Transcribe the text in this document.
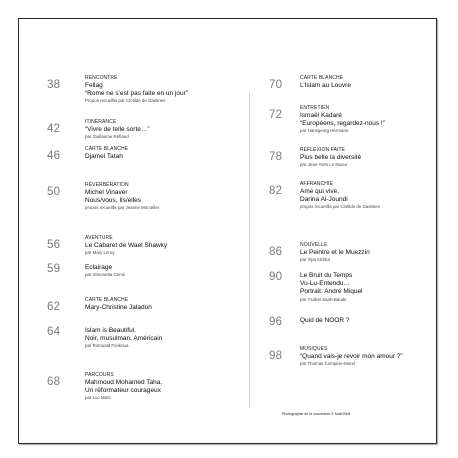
38
RENCONTRE
Fellag
“Rome ne s’est pas faite en un jour”
Propos recueillis par Clotilde de Gastines
42
ITINÉRANCE
“Vivre de telle sorte…”
par Guillaume Réfiaud
46
CARTE BLANCHE
Djamel Tatah
50
RÉVERBÉRATION
Michel Vinaver
Nous/vous, Ils/elles
propos recueillis par Jeanne Morcellet
56
AVENTURE
Le Cabaret de Wael Shawky
par Mary Leroy
59	Eclairage
par Simonetta Cenni
62
CARTE BLANCHE
Mary-Christine Jaladon
64	Islam is Beautiful.
Noir, musulman, Américain
par Romuald Fonkoua
68
PARCOURS
Mahmoud Mohamed Taha,
Un réformateur courageux
par Luc Mars
70
CARTE BLANCHE
L’Islam au Louvre
72
ENTRETIEN
Ismaël Kadaré
“Européens, regardez-nous !”
par Hansgeorg Hermann
78
RÉFLEXION FAITE
Plus belle la diversité
par Jean-Yves Le Naour
82
AFFRANCHIE
Ame qui vive,
Darina Al-Joundi
propos recueillis par Clotilde de Gastines
86
NOUVELLE
Le Peintre et le Muezzin
par Yijat Alchka
90	Le Bruit du Temps
Vu-Lu-Entendu…
Portrait: André Miquel
par Ysabel Saah-Baude
96	Quid de NOOR ?
98
MUSIQUES
“Quand vais-je revoir mon amour ?”
par Thomas Compère-Morel
Photographie de la couverture © Maki Belli
